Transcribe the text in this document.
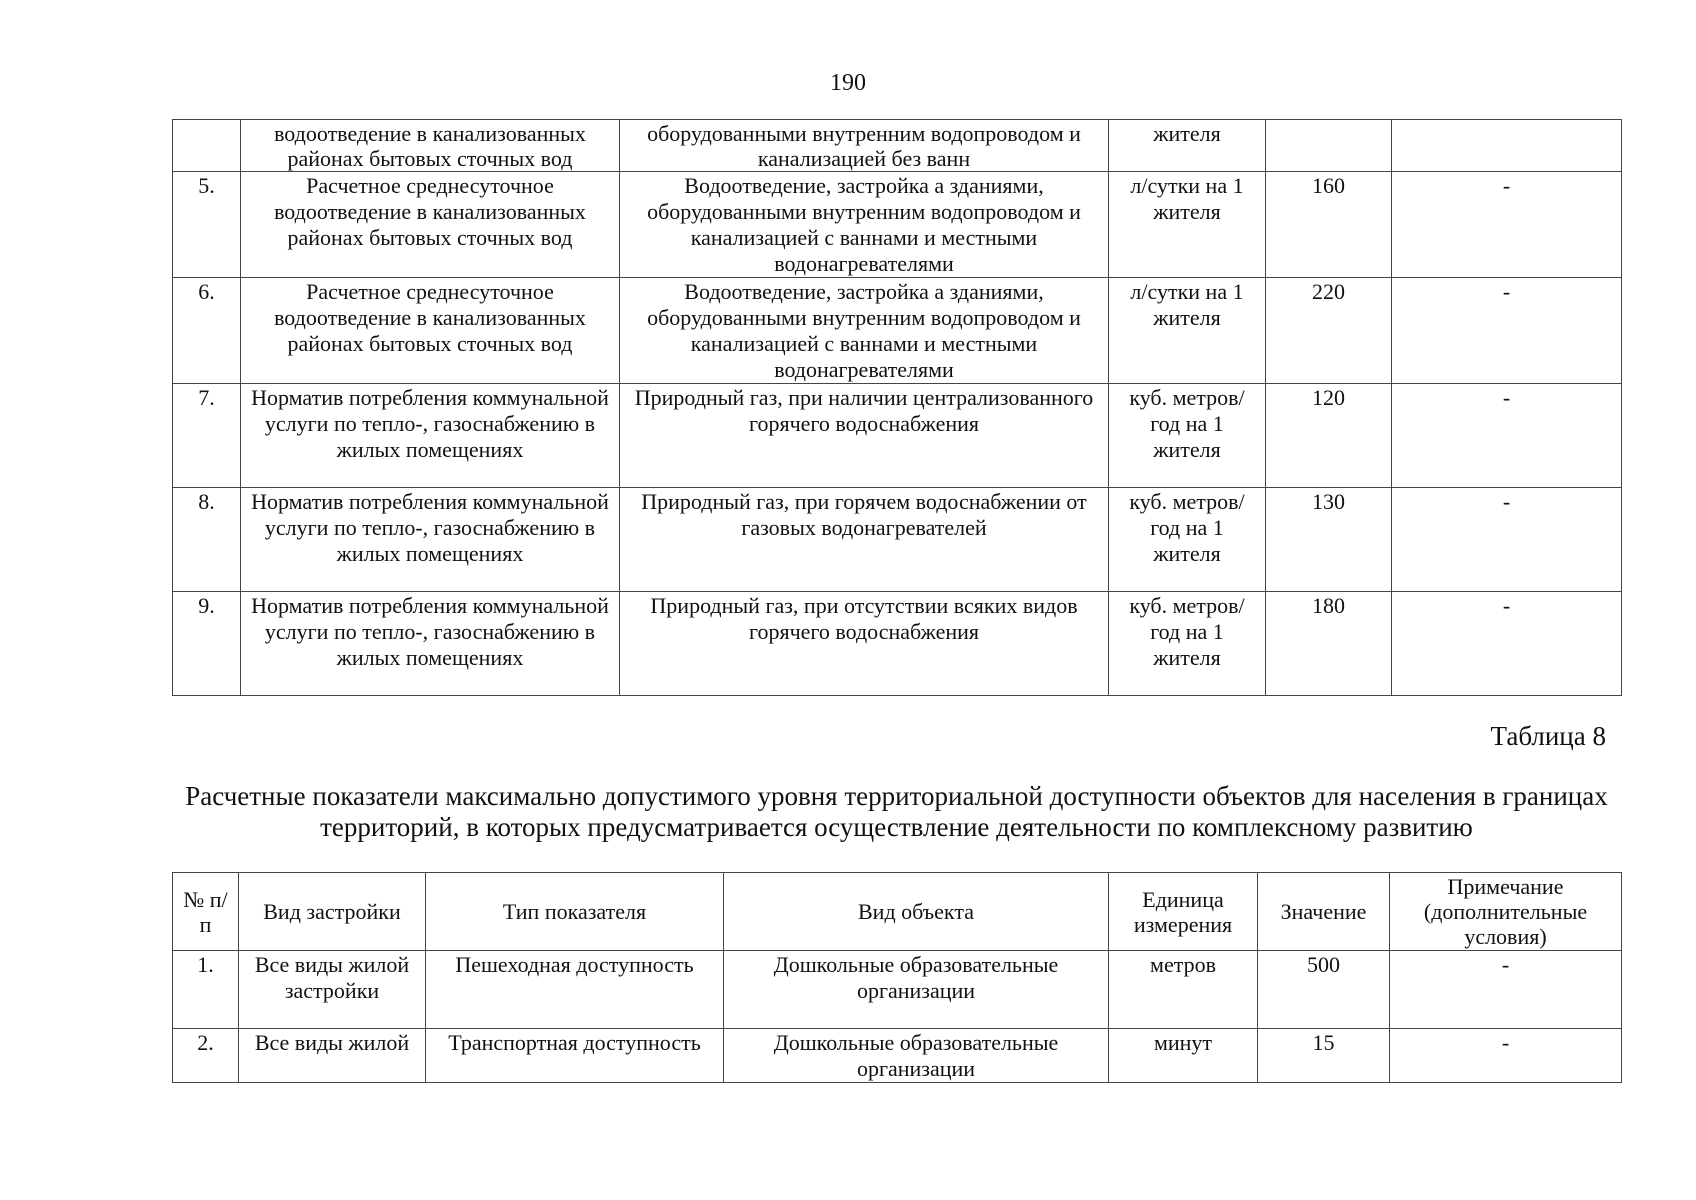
190
	водоотведение в канализованных районах бытовых сточных вод	оборудованными внутренним водопроводом и канализацией без ванн	жителя		
5.	Расчетное среднесуточное водоотведение в канализованных районах бытовых сточных вод	Водоотведение, застройка а зданиями, оборудованными внутренним водопроводом и канализацией с ваннами и местными водонагревателями	л/сутки на 1 жителя	160	-
6.	Расчетное среднесуточное водоотведение в канализованных районах бытовых сточных вод	Водоотведение, застройка а зданиями, оборудованными внутренним водопроводом и канализацией с ваннами и местными водонагревателями	л/сутки на 1 жителя	220	-
7.	Норматив потребления коммунальной услуги по тепло-, газоснабжению в жилых помещениях	Природный газ, при наличии централизованного горячего водоснабжения	куб. метров/ год на 1 жителя	120	-
8.	Норматив потребления коммунальной услуги по тепло-, газоснабжению в жилых помещениях	Природный газ, при горячем водоснабжении от газовых водонагревателей	куб. метров/ год на 1 жителя	130	-
9.	Норматив потребления коммунальной услуги по тепло-, газоснабжению в жилых помещениях	Природный газ, при отсутствии всяких видов горячего водоснабжения	куб. метров/ год на 1 жителя	180	-
Таблица 8
Расчетные показатели максимально допустимого уровня территориальной доступности объектов для населения в границах территорий, в которых предусматривается осуществление деятельности по комплексному развитию
№ п/п	Вид застройки	Тип показателя	Вид объекта	Единица измерения	Значение	Примечание (дополнительные условия)
1.	Все виды жилой застройки	Пешеходная доступность	Дошкольные образовательные организации	метров	500	-
2.	Все виды жилой	Транспортная доступность	Дошкольные образовательные организации	минут	15	-
